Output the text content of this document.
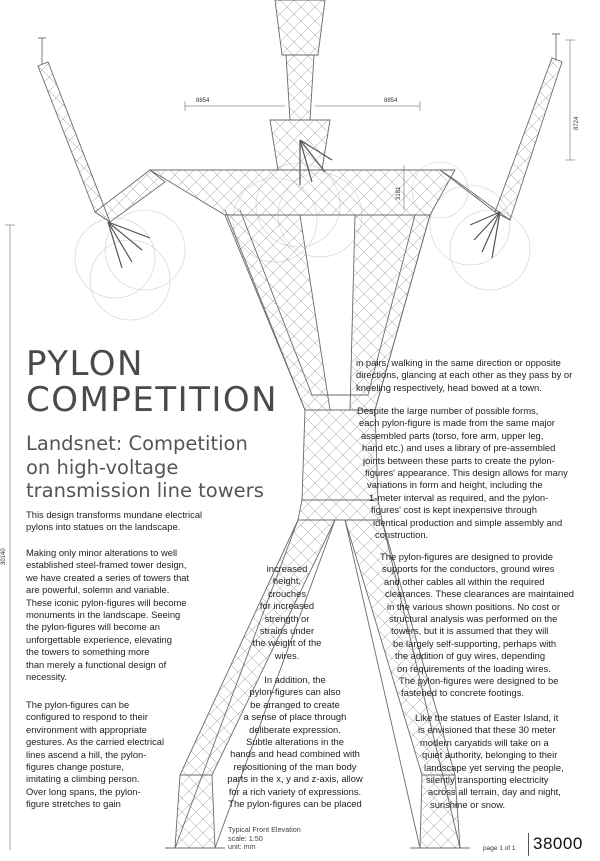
8854	8854
8724
3181
30140
PYLON
COMPETITION
Landsnet: Competition on high-voltage transmission line towers
This design transforms mundane electrical
pylons into statues on the landscape.
Making only minor alterations to well
established steel-framed tower design,
we have created a series of towers that
are powerful, solemn and variable.
These iconic pylon-figures will become
monuments in the landscape. Seeing
the pylon-figures will become an
unforgettable experience, elevating
the towers to something more
than merely a functional design of
necessity.
The pylon-figures can be
configured to respond to their
environment with appropriate
gestures. As the carried electrical
lines ascend a hill, the pylon-
figures change posture,
imitating a climbing person.
Over long spans, the pylon-
figure stretches to gain
increased
height,
crouches
for increased
strength or
strains under
the weight of the
wires.
In addition, the
pylon-figures can also
be arranged to create
a sense of place through
deliberate expression.
Subtle alterations in the
hands and head combined with
repositioning of the man body
parts in the x, y and z-axis, allow
for a rich variety of expressions.
The pylon-figures can be placed
in pairs, walking in the same direction or opposite
directions, glancing at each other as they pass by or
kneeling respectively, head bowed at a town.
Despite the large number of possible forms,
each pylon-figure is made from the same major
assembled parts (torso, fore arm, upper leg,
hand etc.) and uses a library of pre-assembled
joints between these parts to create the pylon-
figures' appearance. This design allows for many
variations in form and height, including the
1-meter interval as required, and the pylon-
figures' cost is kept inexpensive through
identical production and simple assembly and
construction.
The pylon-figures are designed to provide
supports for the conductors, ground wires
and other cables all within the required
clearances. These clearances are maintained
in the various shown positions. No cost or
structural analysis was performed on the
towers, but it is assumed that they will
be largely self-supporting, perhaps with
the addition of guy wires, depending
on requirements of the loading wires.
The pylon-figures were designed to be
fastened to concrete footings.
Like the statues of Easter Island, it
is envisioned that these 30 meter
modern caryatids will take on a
quiet authority, belonging to their
landscape yet serving the people,
silently transporting electricity
across all terrain, day and night,
sunshine or snow.
Typical Front Elevation
scale: 1:50
unit: mm	page 1 of 1 38000
